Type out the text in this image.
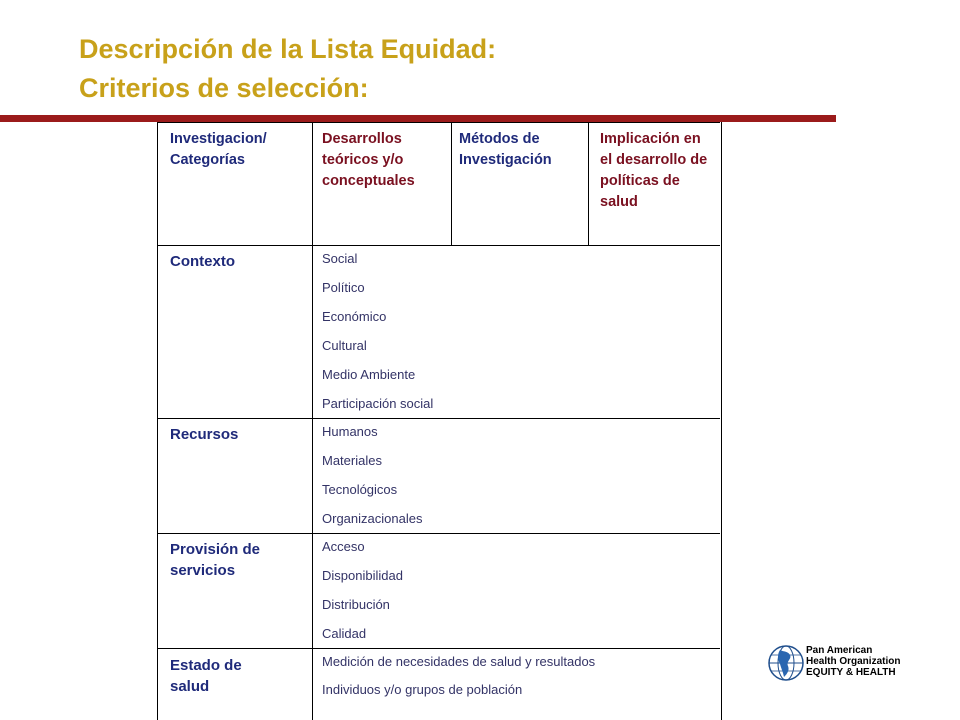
Descripción de la Lista Equidad:
Criterios de selección:
Investigacion/ Categorías
Desarrollos teóricos y/o conceptuales
Métodos de Investigación
Implicación en el desarrollo de políticas de salud
Contexto	Social
Político
Económico
Cultural
Medio Ambiente
Participación social
Recursos	Humanos
Materiales
Tecnológicos
Organizacionales
Provisión de servicios
Acceso
Disponibilidad
Distribución
Calidad
Estado de salud
Medición de necesidades de salud y resultados
Individuos y/o grupos de población
Pan American
Health Organization
EQUITY & HEALTH
